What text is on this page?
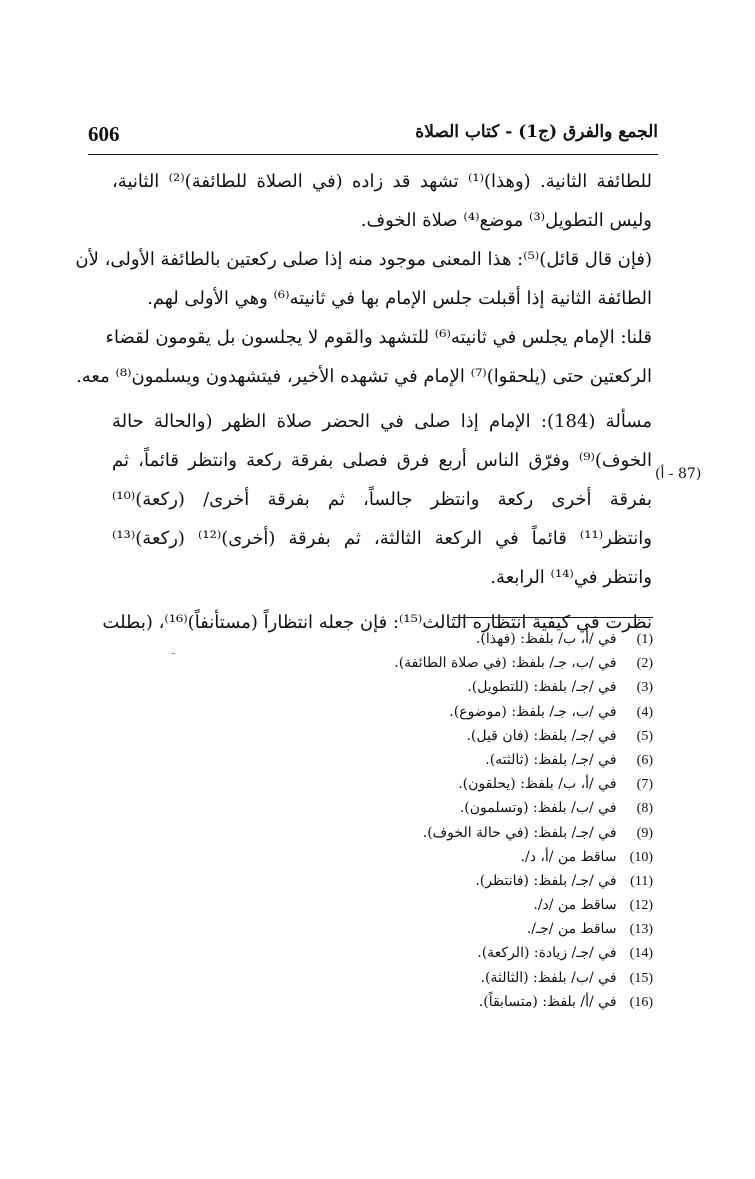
606	الجمع والفرق (ج1) - كتاب الصلاة
للطائفة الثانية. (وهذا)⁽¹⁾ تشهد قد زاده (في الصلاة للطائفة)⁽²⁾ الثانية،
وليس التطويل⁽³⁾ موضع⁽⁴⁾ صلاة الخوف.
(فإن قال قائل)⁽⁵⁾: هذا المعنى موجود منه إذا صلى ركعتين بالطائفة الأولى، لأن
الطائفة الثانية إذا أقبلت جلس الإمام بها في ثانيته⁽⁶⁾ وهي الأولى لهم.
قلنا: الإمام يجلس في ثانيته⁽⁶⁾ للتشهد والقوم لا يجلسون بل يقومون لقضاء
الركعتين حتى (يلحقوا)⁽⁷⁾ الإمام في تشهده الأخير، فيتشهدون ويسلمون⁽⁸⁾ معه.
مسألة (184): الإمام إذا صلى في الحضر صلاة الظهر (والحالة حالة
الخوف)⁽⁹⁾ وفرّق الناس أربع فرق فصلى بفرقة ركعة وانتظر قائماً، ثم
بفرقة أخرى ركعة وانتظر جالساً، ثم بفرقة أخرى/ (ركعة)⁽¹⁰⁾
وانتظر⁽¹¹⁾ قائماً في الركعة الثالثة، ثم بفرقة (أخرى)⁽¹²⁾ (ركعة)⁽¹³⁾
وانتظر في⁽¹⁴⁾ الرابعة.
نظرت في كيفية انتظاره الثالث⁽¹⁵⁾: فإن جعله انتظاراً (مستأنفاً)⁽¹⁶⁾، (بطلت
(87 - أ)
(1) في /أ، ب/ بلفظ: (فهذا).
(2) في /ب، جـ/ بلفظ: (في صلاة الطائفة).
(3) في /جـ/ بلفظ: (للتطويل).
(4) في /ب، جـ/ بلفظ: (موضوع).
(5) في /جـ/ بلفظ: (فان قيل).
(6) في /جـ/ بلفظ: (ثالثته).
(7) في /أ، ب/ بلفظ: (يحلقون).
(8) في /ب/ بلفظ: (وتسلمون).
(9) في /جـ/ بلفظ: (في حالة الخوف).
(10) ساقط من /أ، د/.
(11) في /جـ/ بلفظ: (فانتظر).
(12) ساقط من /د/.
(13) ساقط من /جـ/.
(14) في /جـ/ زيادة: (الركعة).
(15) في /ب/ بلفظ: (الثالثة).
(16) في /أ/ بلفظ: (متسابقاً).
